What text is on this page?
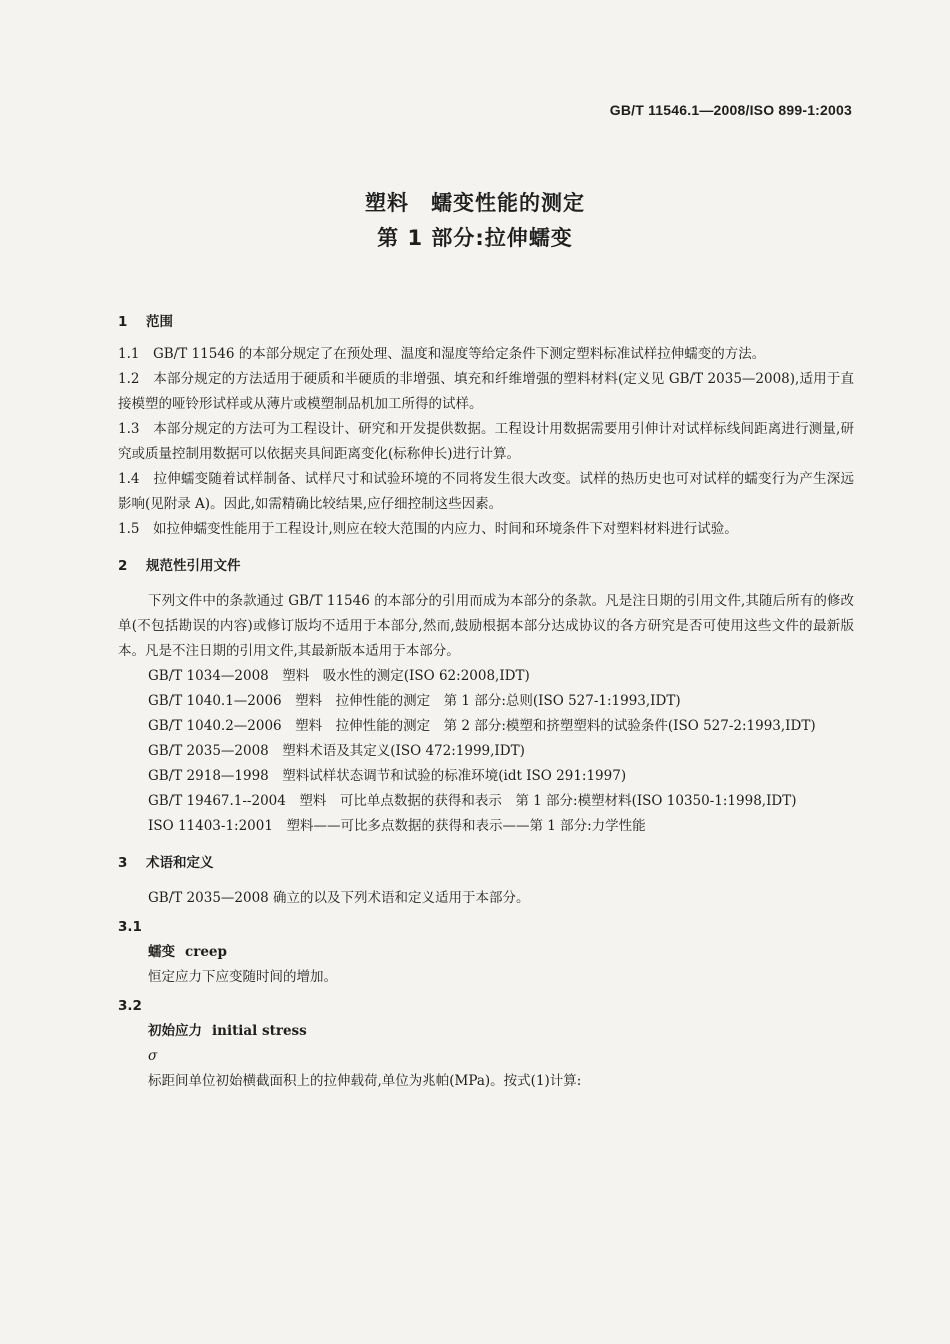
GB/T 11546.1—2008/ISO 899-1:2003
塑料　蠕变性能的测定
第 1 部分:拉伸蠕变
1 范围

1.1　GB/T 11546 的本部分规定了在预处理、温度和湿度等给定条件下测定塑料标准试样拉伸蠕变的方法。

1.2　本部分规定的方法适用于硬质和半硬质的非增强、填充和纤维增强的塑料材料(定义见 GB/T 2035—2008),适用于直接模塑的哑铃形试样或从薄片或模塑制品机加工所得的试样。

1.3　本部分规定的方法可为工程设计、研究和开发提供数据。工程设计用数据需要用引伸计对试样标线间距离进行测量,研究或质量控制用数据可以依据夹具间距离变化(标称伸长)进行计算。

1.4　拉伸蠕变随着试样制备、试样尺寸和试验环境的不同将发生很大改变。试样的热历史也可对试样的蠕变行为产生深远影响(见附录 A)。因此,如需精确比较结果,应仔细控制这些因素。

1.5　如拉伸蠕变性能用于工程设计,则应在较大范围的内应力、时间和环境条件下对塑料材料进行试验。

2 规范性引用文件

下列文件中的条款通过 GB/T 11546 的本部分的引用而成为本部分的条款。凡是注日期的引用文件,其随后所有的修改单(不包括勘误的内容)或修订版均不适用于本部分,然而,鼓励根据本部分达成协议的各方研究是否可使用这些文件的最新版本。凡是不注日期的引用文件,其最新版本适用于本部分。

GB/T 1034—2008　塑料　吸水性的测定(ISO 62:2008,IDT)

GB/T 1040.1—2006　塑料　拉伸性能的测定　第 1 部分:总则(ISO 527-1:1993,IDT)

GB/T 1040.2—2006　塑料　拉伸性能的测定　第 2 部分:模塑和挤塑塑料的试验条件(ISO 527-2:1993,IDT)

GB/T 2035—2008　塑料术语及其定义(ISO 472:1999,IDT)

GB/T 2918—1998　塑料试样状态调节和试验的标准环境(idt ISO 291:1997)

GB/T 19467.1--2004　塑料　可比单点数据的获得和表示　第 1 部分:模塑材料(ISO 10350-1:1998,IDT)

ISO 11403-1:2001　塑料——可比多点数据的获得和表示——第 1 部分:力学性能

3 术语和定义

GB/T 2035—2008 确立的以及下列术语和定义适用于本部分。

3.1
蠕变 creep

恒定应力下应变随时间的增加。

3.2
初始应力 initial stress

σ

标距间单位初始横截面积上的拉伸载荷,单位为兆帕(MPa)。按式(1)计算:
